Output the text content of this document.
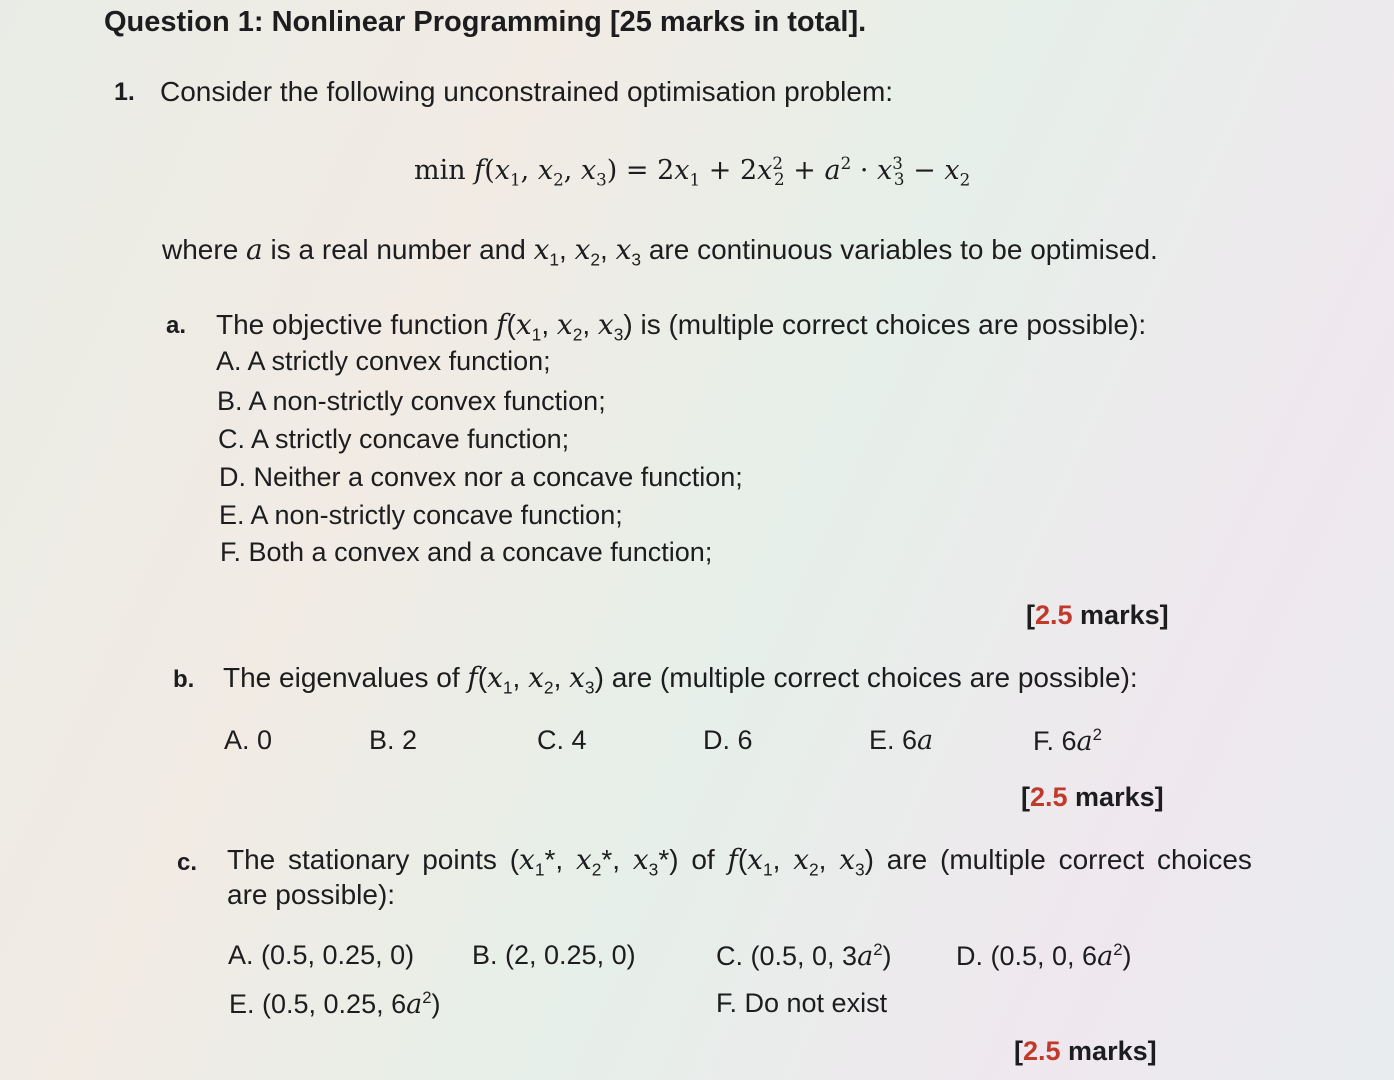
Question 1: Nonlinear Programming [25 marks in total].
1. Consider the following unconstrained optimisation problem:
$\min f(x_1$, $x_2$, $x_3) = 2x_1 + 2x^2_2 + a^2 \cdot x^3_3 - x_2$
where a is a real number and $x_1$, $x_2$, $x_3$ are continuous variables to be optimised.
a. The objective function $f(x_1$, $x_2$, $x_3$) is (multiple correct choices are possible):
A. A strictly convex function;
B. A non-strictly convex function;
C. A strictly concave function;
D. Neither a convex nor a concave function;
E. A non-strictly concave function;
F. Both a convex and a concave function;
[2.5 marks]
b. The eigenvalues of $f(x_1$, $x_2$, $x_3$) are (multiple correct choices are possible):
A. 0	B. 2	C. 4	D. 6	E. 6a	F. $6a^2$
[2.5 marks]
c. The stationary points ($x_1*$, $x_2*$, $x_3*$) of $f(x_1$, $x_2$, $x_3$) are (multiple correct choices
are possible):
A. (0.5, 0.25, 0) B. (2, 0.25, 0)	C. (0.5, 0, $3a^2$) D. (0.5, 0, $6a^2$)
E. (0.5, 0.25, $6a^2$)	F. Do not exist
[2.5 marks]
